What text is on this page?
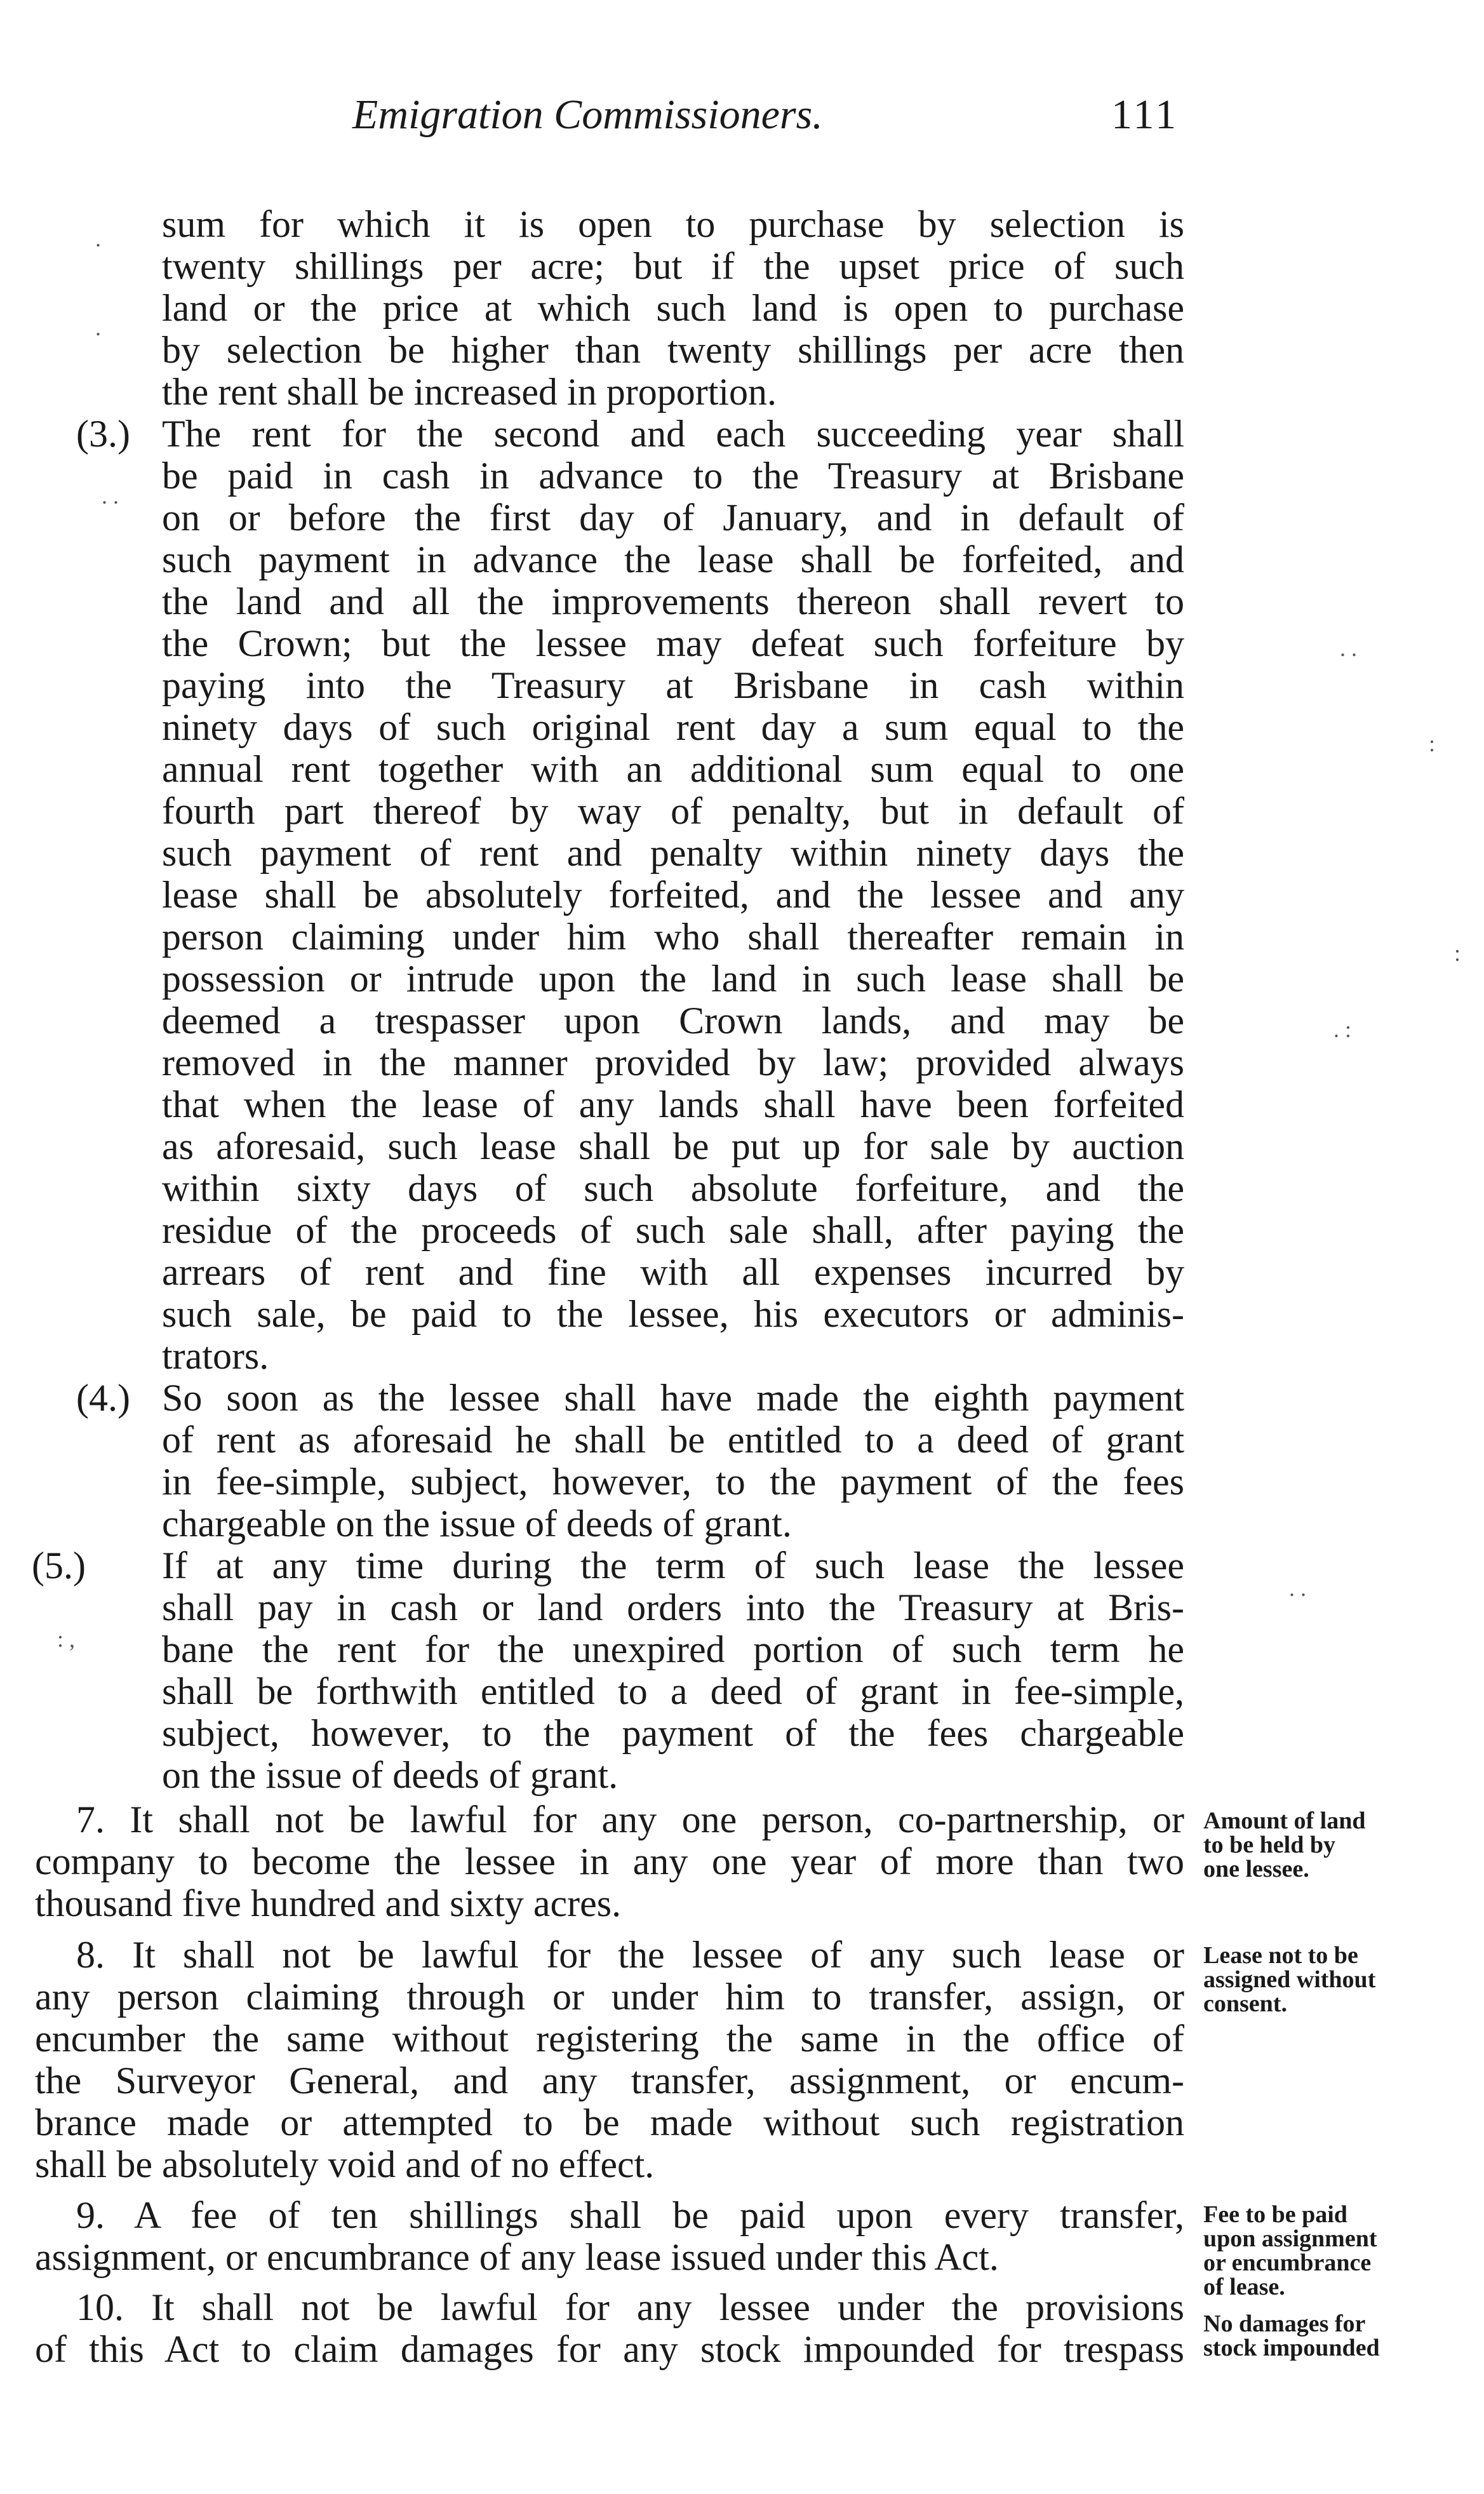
Emigration Commissioners.	111
sum for which it is open to purchase by selection is
twenty shillings per acre; but if the upset price of such
land or the price at which such land is open to purchase
by selection be higher than twenty shillings per acre then
the rent shall be increased in proportion.
(3.) The rent for the second and each succeeding year shall
be paid in cash in advance to the Treasury at Brisbane
on or before the first day of January, and in default of
such payment in advance the lease shall be forfeited, and
the land and all the improvements thereon shall revert to
the Crown; but the lessee may defeat such forfeiture by
paying into the Treasury at Brisbane in cash within
ninety days of such original rent day a sum equal to the
annual rent together with an additional sum equal to one
fourth part thereof by way of penalty, but in default of
such payment of rent and penalty within ninety days the
lease shall be absolutely forfeited, and the lessee and any
person claiming under him who shall thereafter remain in
possession or intrude upon the land in such lease shall be
deemed a trespasser upon Crown lands, and may be
removed in the manner provided by law; provided always
that when the lease of any lands shall have been forfeited
as aforesaid, such lease shall be put up for sale by auction
within sixty days of such absolute forfeiture, and the
residue of the proceeds of such sale shall, after paying the
arrears of rent and fine with all expenses incurred by
such sale, be paid to the lessee, his executors or adminis-
trators.
(4.) So soon as the lessee shall have made the eighth payment
of rent as aforesaid he shall be entitled to a deed of grant
in fee-simple, subject, however, to the payment of the fees
chargeable on the issue of deeds of grant.
(5.) If at any time during the term of such lease the lessee
shall pay in cash or land orders into the Treasury at Bris-
bane the rent for the unexpired portion of such term he
shall be forthwith entitled to a deed of grant in fee-simple,
subject, however, to the payment of the fees chargeable
on the issue of deeds of grant.
7. It shall not be lawful for any one person, co-partnership, or
company to become the lessee in any one year of more than two
thousand five hundred and sixty acres.
Amount of land
to be held by
one lessee.
8. It shall not be lawful for the lessee of any such lease or
any person claiming through or under him to transfer, assign, or
encumber the same without registering the same in the office of
the Surveyor General, and any transfer, assignment, or encum-
brance made or attempted to be made without such registration
shall be absolutely void and of no effect.
Lease not to be
assigned without
consent.
9. A fee of ten shillings shall be paid upon every transfer,
assignment, or encumbrance of any lease issued under this Act.
Fee to be paid
upon assignment
or encumbrance
of lease.
10. It shall not be lawful for any lessee under the provisions
of this Act to claim damages for any stock impounded for trespass
No damages for
stock impounded
.
.
. .
:
:
. :
. .
: ,
. .
